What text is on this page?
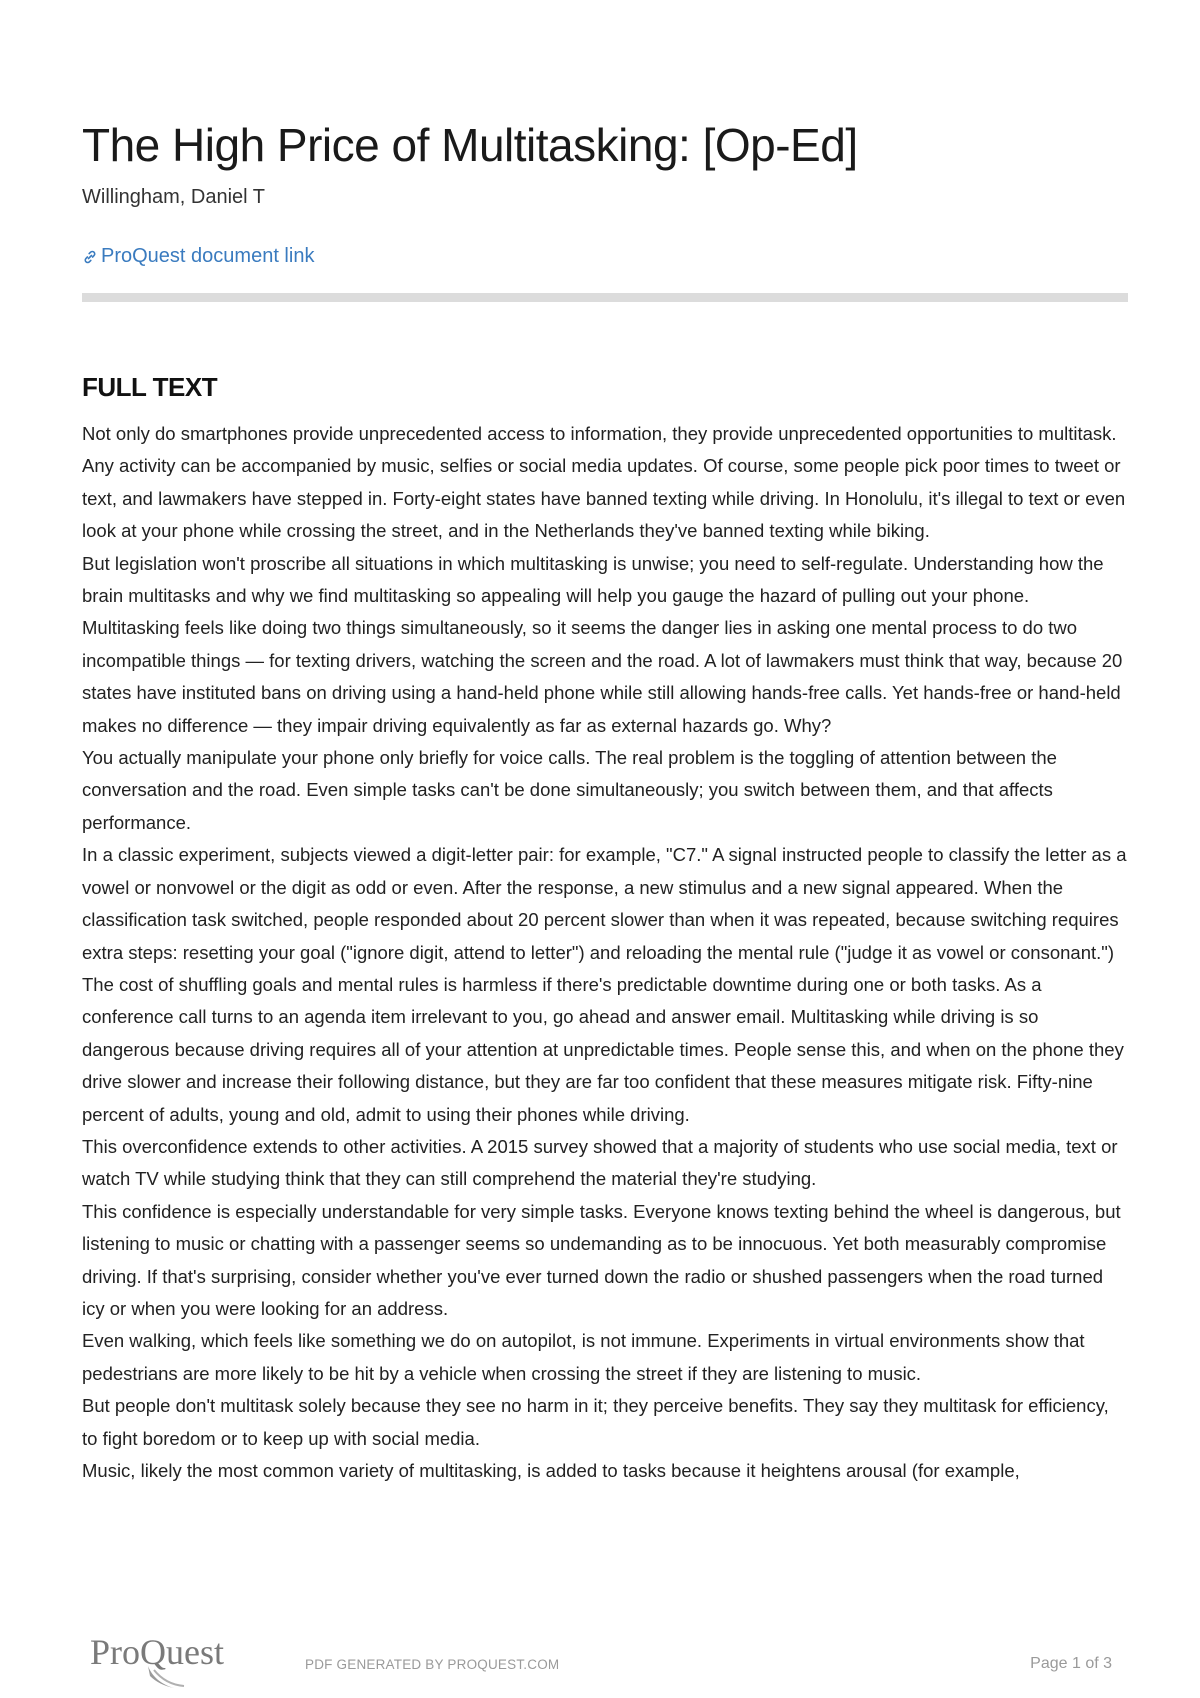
The High Price of Multitasking: [Op-Ed]
Willingham, Daniel T
ProQuest document link
FULL TEXT

Not only do smartphones provide unprecedented access to information, they provide unprecedented opportunities to multitask. Any activity can be accompanied by music, selfies or social media updates. Of course, some people pick poor times to tweet or text, and lawmakers have stepped in. Forty-eight states have banned texting while driving. In Honolulu, it's illegal to text or even look at your phone while crossing the street, and in the Netherlands they've banned texting while biking.

But legislation won't proscribe all situations in which multitasking is unwise; you need to self-regulate. Understanding how the brain multitasks and why we find multitasking so appealing will help you gauge the hazard of pulling out your phone.

Multitasking feels like doing two things simultaneously, so it seems the danger lies in asking one mental process to do two incompatible things — for texting drivers, watching the screen and the road. A lot of lawmakers must think that way, because 20 states have instituted bans on driving using a hand-held phone while still allowing hands-free calls. Yet hands-free or hand-held makes no difference — they impair driving equivalently as far as external hazards go. Why?

You actually manipulate your phone only briefly for voice calls. The real problem is the toggling of attention between the conversation and the road. Even simple tasks can't be done simultaneously; you switch between them, and that affects performance.

In a classic experiment, subjects viewed a digit-letter pair: for example, "C7." A signal instructed people to classify the letter as a vowel or nonvowel or the digit as odd or even. After the response, a new stimulus and a new signal appeared. When the classification task switched, people responded about 20 percent slower than when it was repeated, because switching requires extra steps: resetting your goal ("ignore digit, attend to letter") and reloading the mental rule ("judge it as vowel or consonant.")

The cost of shuffling goals and mental rules is harmless if there's predictable downtime during one or both tasks. As a conference call turns to an agenda item irrelevant to you, go ahead and answer email. Multitasking while driving is so dangerous because driving requires all of your attention at unpredictable times. People sense this, and when on the phone they drive slower and increase their following distance, but they are far too confident that these measures mitigate risk. Fifty-nine percent of adults, young and old, admit to using their phones while driving.

This overconfidence extends to other activities. A 2015 survey showed that a majority of students who use social media, text or watch TV while studying think that they can still comprehend the material they're studying.

This confidence is especially understandable for very simple tasks. Everyone knows texting behind the wheel is dangerous, but listening to music or chatting with a passenger seems so undemanding as to be innocuous. Yet both measurably compromise driving. If that's surprising, consider whether you've ever turned down the radio or shushed passengers when the road turned icy or when you were looking for an address.

Even walking, which feels like something we do on autopilot, is not immune. Experiments in virtual environments show that pedestrians are more likely to be hit by a vehicle when crossing the street if they are listening to music.

But people don't multitask solely because they see no harm in it; they perceive benefits. They say they multitask for efficiency, to fight boredom or to keep up with social media.

Music, likely the most common variety of multitasking, is added to tasks because it heightens arousal (for example,

ProQuest	PDF GENERATED BY PROQUEST.COM	Page 1 of 3
